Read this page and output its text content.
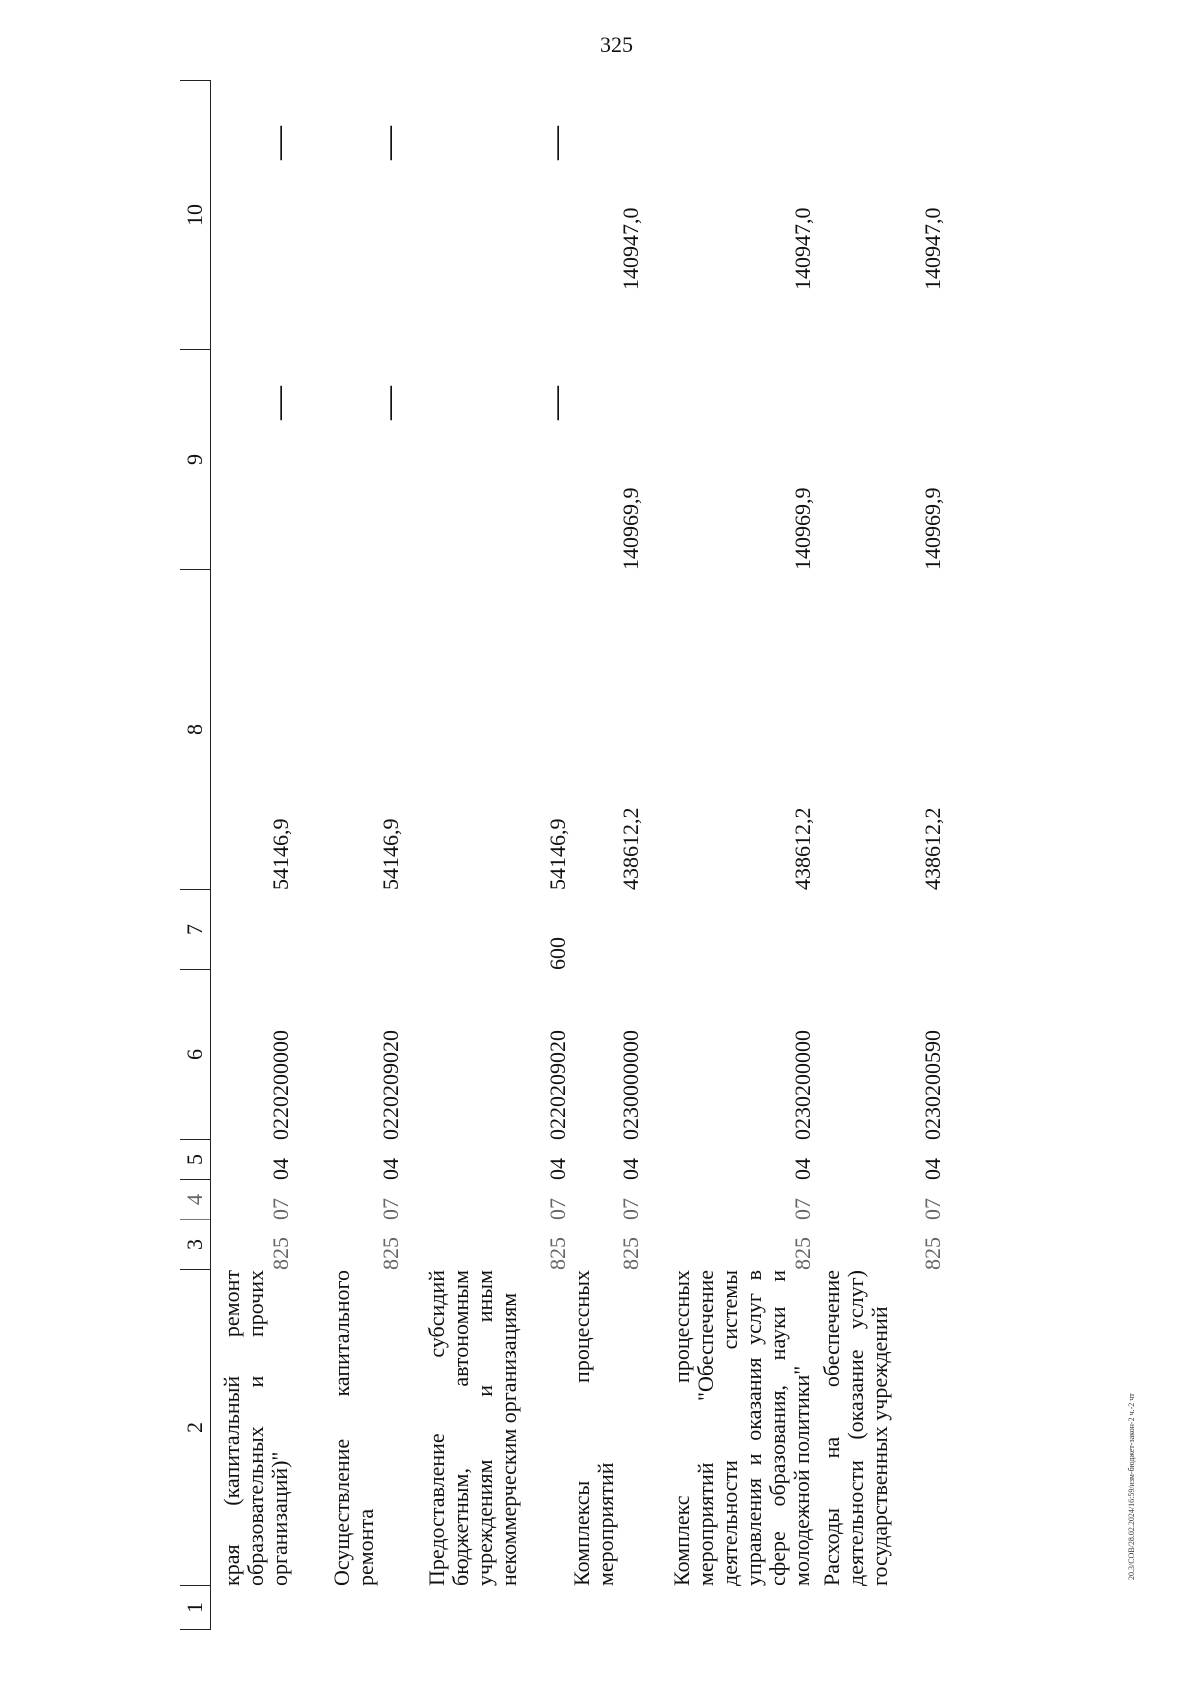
325
20.3/СОВ/28.02.2024/16:59/изм-бюджет-закон-2 ч.-2 чт
1
2
3
4
5
6
7
8
9
10
края (капитальный ремонт образовательных и прочих организаций)"
825
07
04
0220200000
54146,9
—
—
Осуществление капитального ремонта
825
07
04
0220209020
54146,9
—
—
Предоставление субсидий бюджетным, автономным учреждениям и иным некоммерческим организациям
825
07
04
0220209020
600
54146,9
—
—
Комплексы процессных мероприятий
825
07
04
0230000000
438612,2
140969,9
140947,0
Комплекс процессных мероприятий "Обеспечение деятельности системы управления и оказания услуг в сфере образования, науки и молодежной политики"
825
07
04
0230200000
438612,2
140969,9
140947,0
Расходы на обеспечение деятельности (оказание услуг) государственных учреждений
825
07
04
0230200590
438612,2
140969,9
140947,0
